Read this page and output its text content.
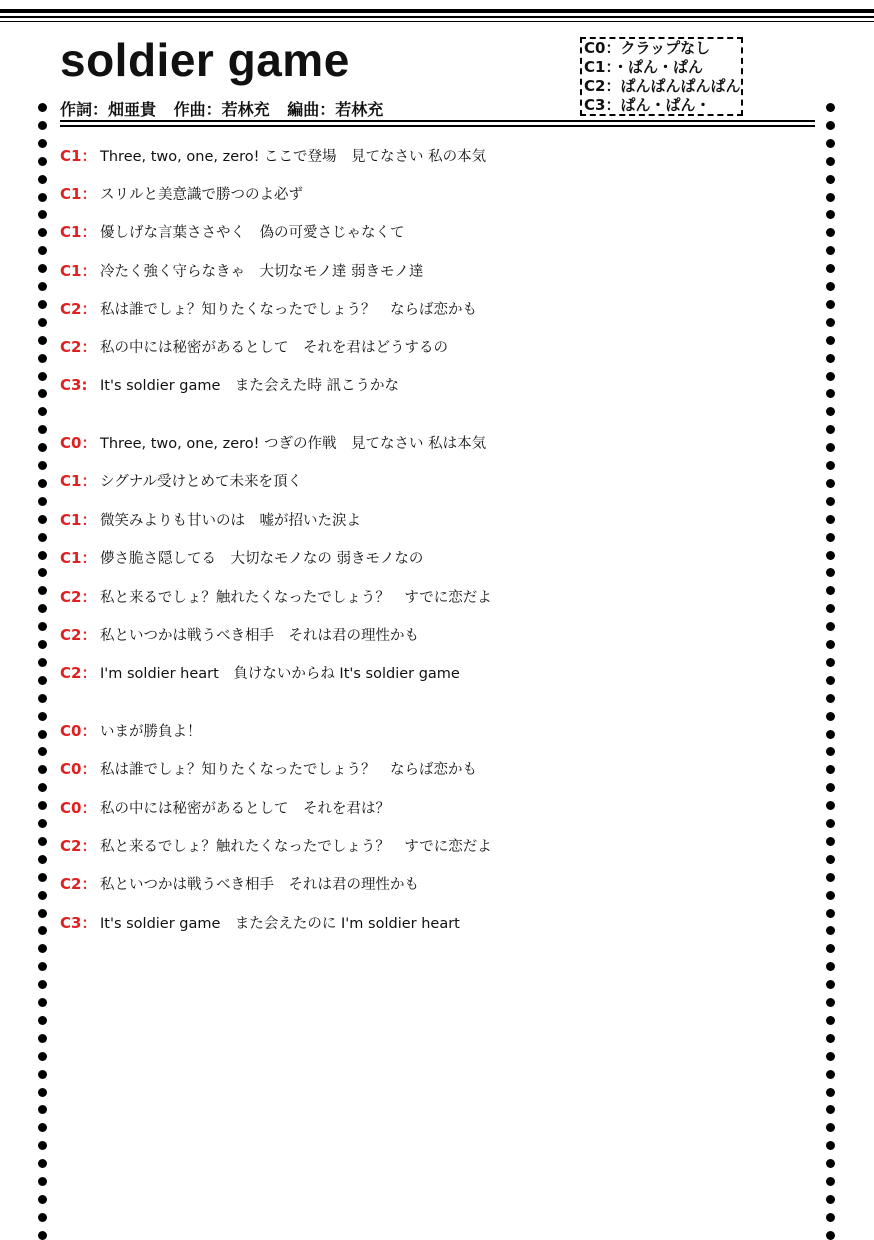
soldier game
作詞：畑亜貴 作曲：若林充 編曲：若林充
C0：クラップなし
C1：・ぱん・ぱん
C2：ぱんぱんぱんぱん
C3：ぱん・ぱん・
C1： Three, two, one, zero! ここで登場　見てなさい 私の本気
C1： スリルと美意識で勝つのよ必ず
C1： 優しげな言葉ささやく　偽の可愛さじゃなくて
C1： 冷たく強く守らなきゃ　大切なモノ達 弱きモノ達
C2： 私は誰でしょ？知りたくなったでしょう？　ならば恋かも
C2： 私の中には秘密があるとして　それを君はどうするの
C3: It's soldier game　また会えた時 訊こうかな
C0： Three, two, one, zero! つぎの作戦　見てなさい 私は本気
C1： シグナル受けとめて未来を頂く
C1： 微笑みよりも甘いのは　嘘が招いた涙よ
C1： 儚さ脆さ隠してる　大切なモノなの 弱きモノなの
C2： 私と来るでしょ？触れたくなったでしょう？　すでに恋だよ
C2： 私といつかは戦うべき相手　それは君の理性かも
C2： I'm soldier heart　負けないからね It's soldier game
C0： いまが勝負よ！
C0： 私は誰でしょ？知りたくなったでしょう？　ならば恋かも
C0： 私の中には秘密があるとして　それを君は？
C2： 私と来るでしょ？触れたくなったでしょう？　すでに恋だよ
C2： 私といつかは戦うべき相手　それは君の理性かも
C3： It's soldier game　また会えたのに I'm soldier heart
